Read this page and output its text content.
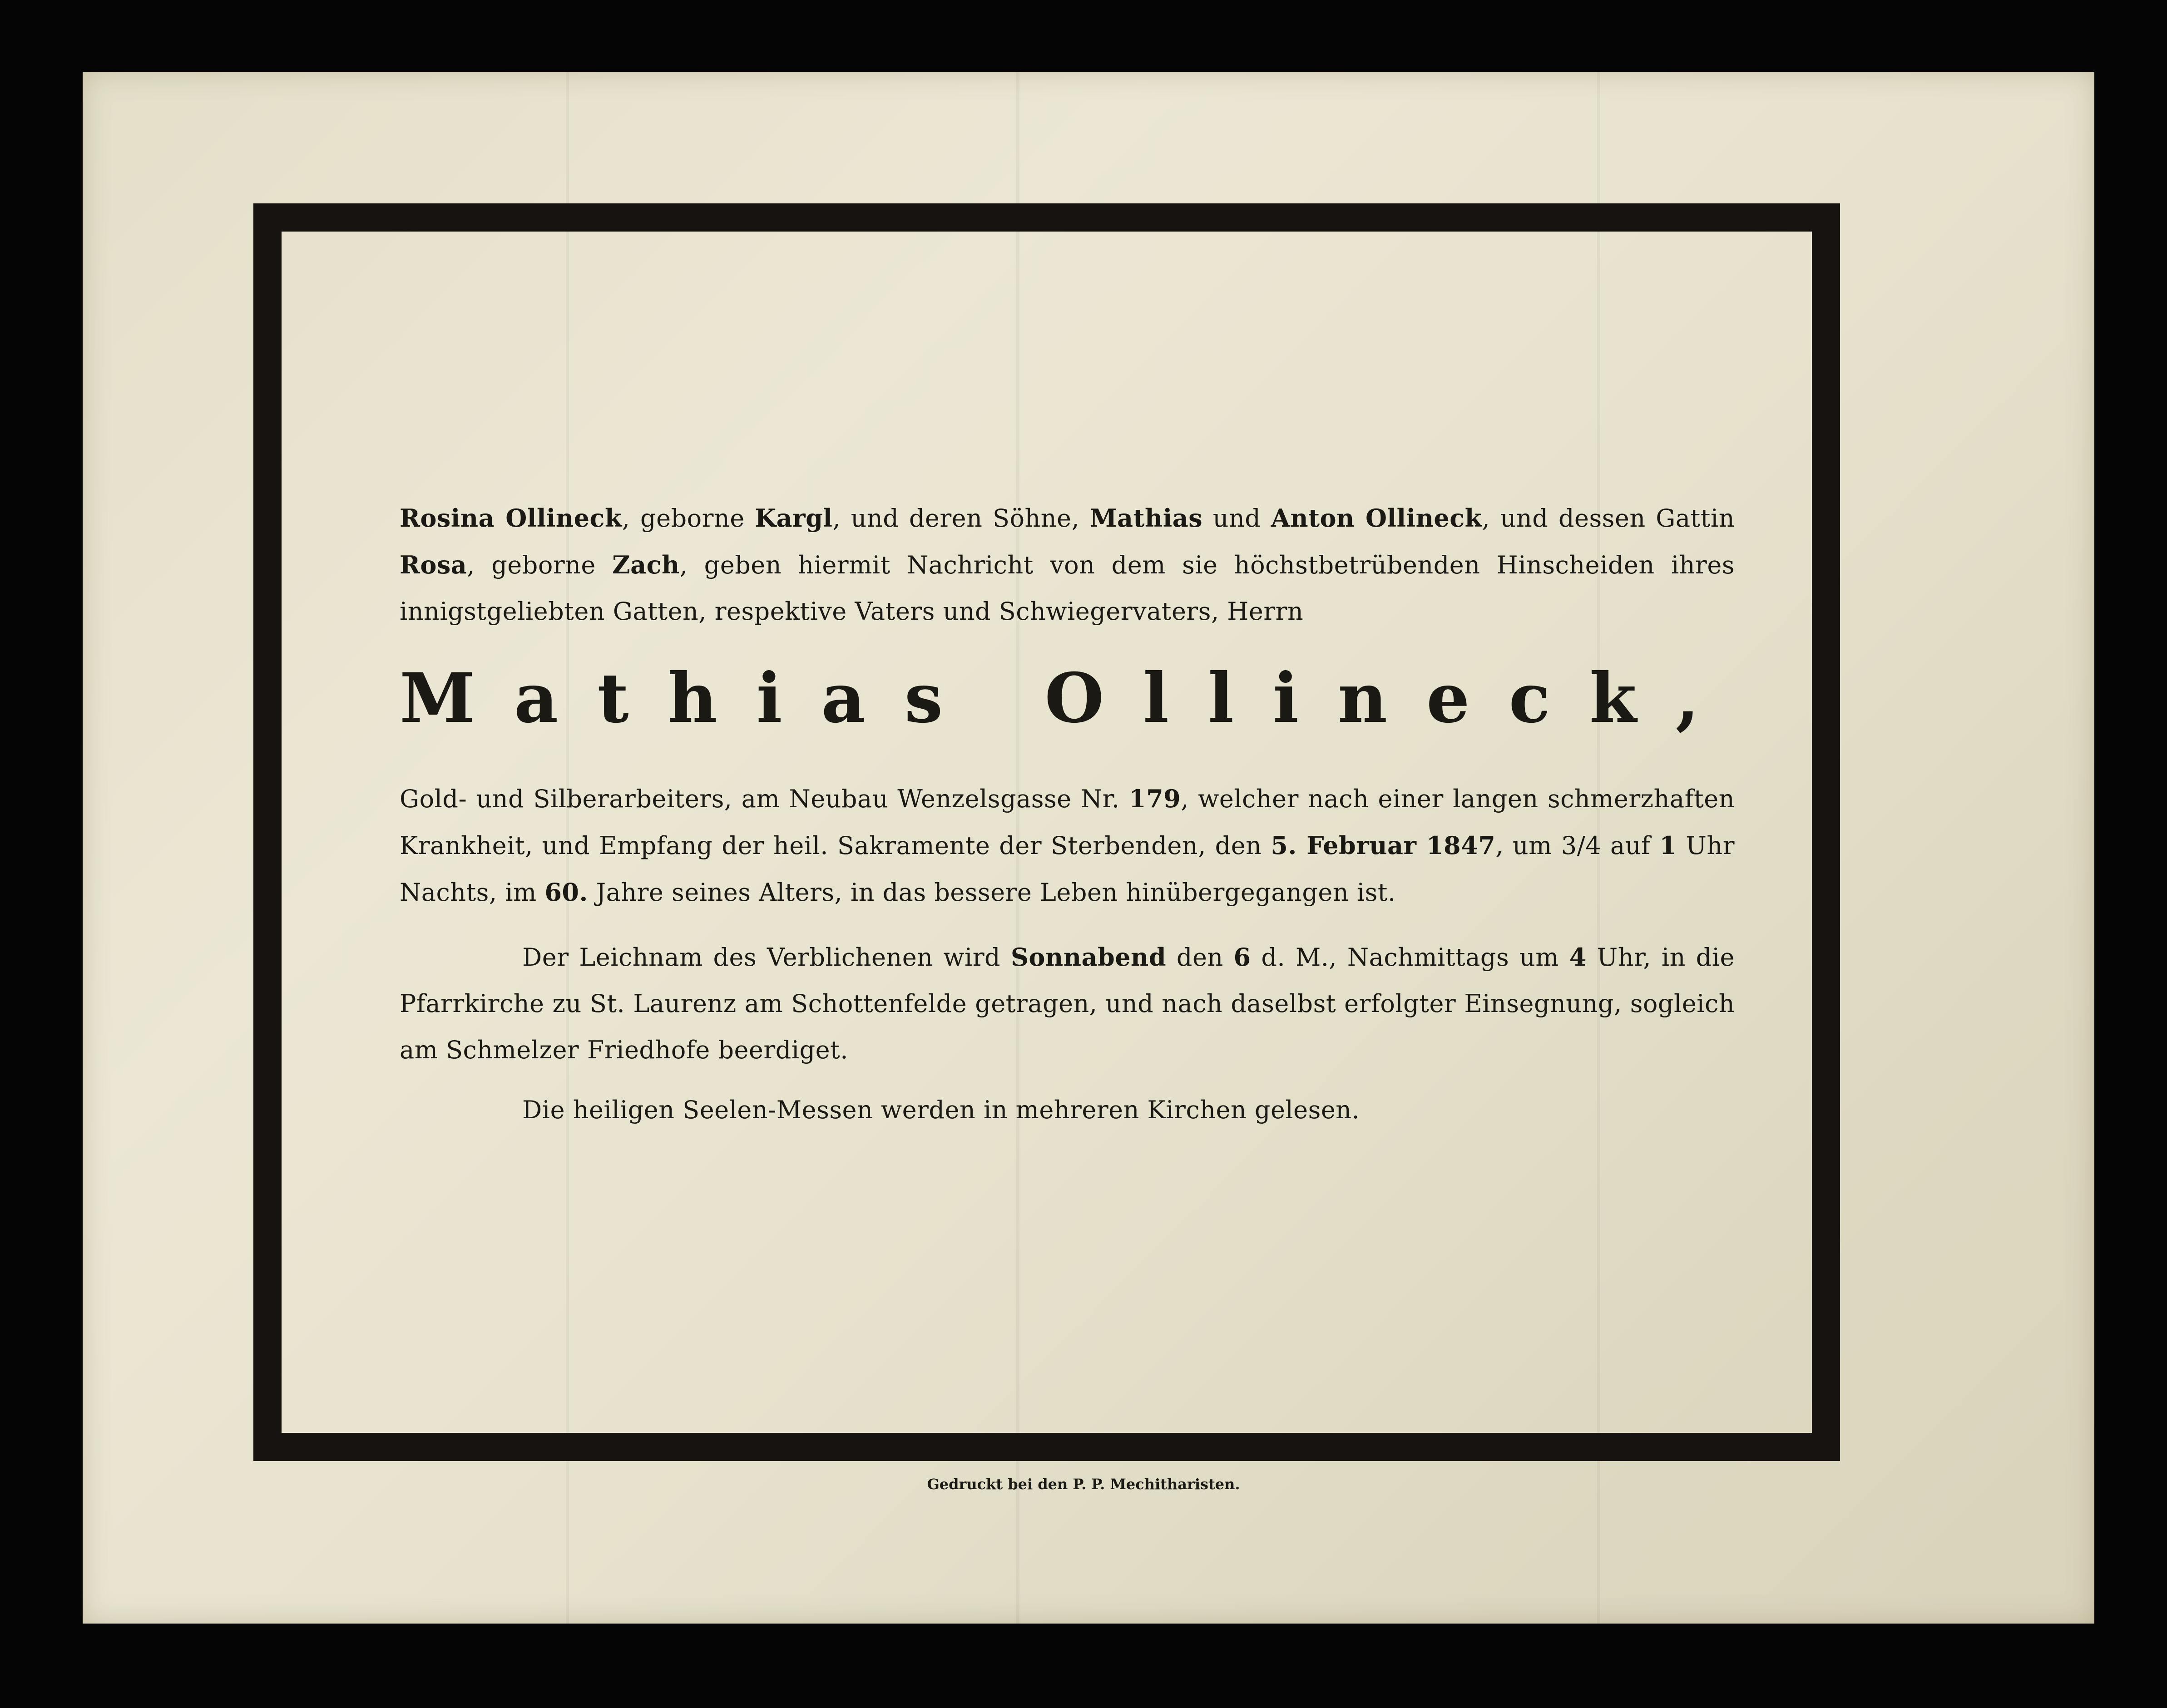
Rosina Ollineck, geborne Kargl, und deren Söhne, Mathias und Anton Ollineck, und dessen Gattin Rosa, geborne Zach, geben hiermit Nachricht von dem sie höchstbetrübenden Hinscheiden ihres innigstgeliebten Gatten, respektive Vaters und Schwiegervaters, Herrn

Mathias Ollineck,

Gold- und Silberarbeiters, am Neubau Wenzelsgasse Nr. 179, welcher nach einer langen schmerzhaften Krankheit, und Empfang der heil. Sakramente der Sterbenden, den 5. Februar 1847, um 3/4 auf 1 Uhr Nachts, im 60. Jahre seines Alters, in das bessere Leben hinübergegangen ist.

Der Leichnam des Verblichenen wird Sonnabend den 6 d. M., Nachmittags um 4 Uhr, in die Pfarrkirche zu St. Laurenz am Schottenfelde getragen, und nach daselbst erfolgter Einsegnung, sogleich am Schmelzer Friedhofe beerdiget.

Die heiligen Seelen-Messen werden in mehreren Kirchen gelesen.

Gedruckt bei den P. P. Mechitharisten.
